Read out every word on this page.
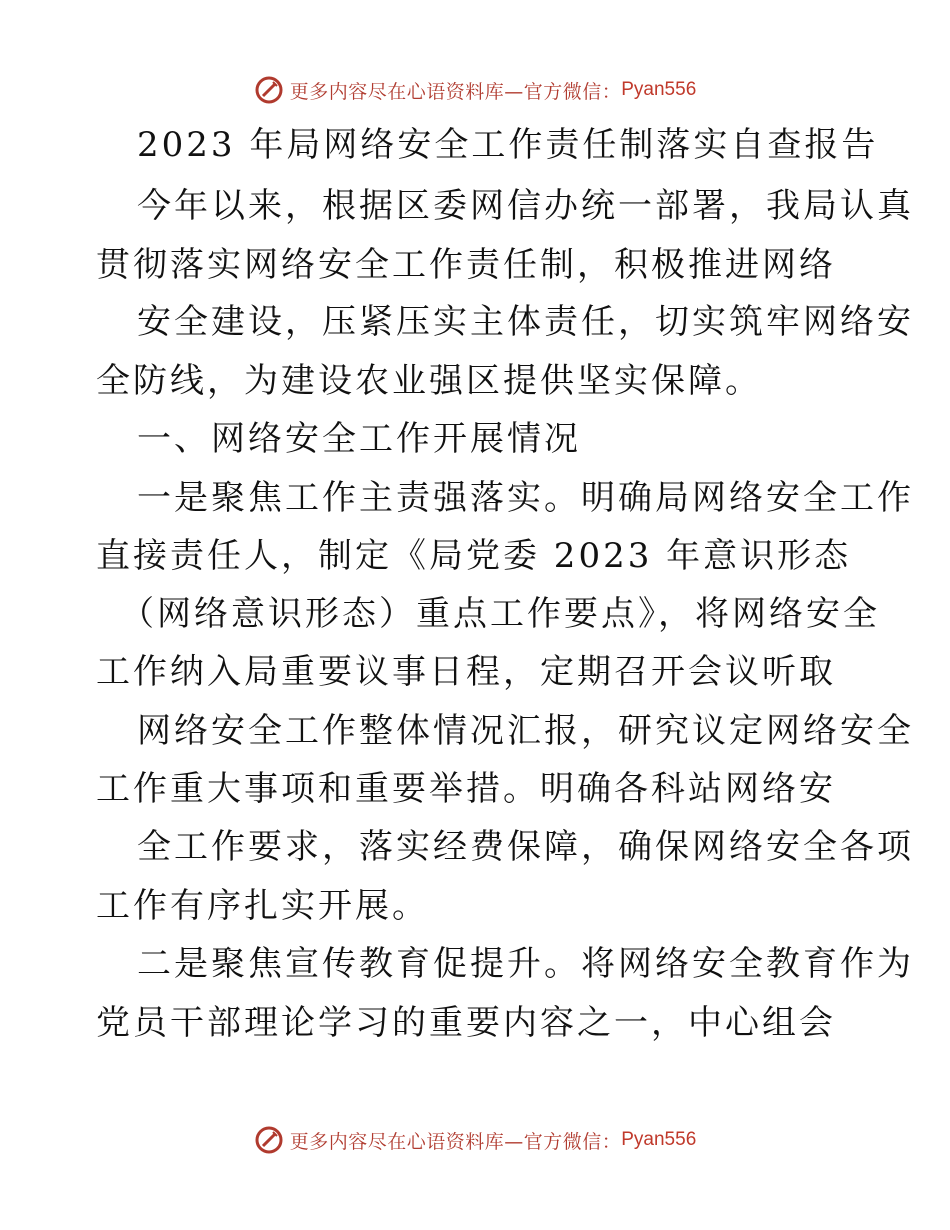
更多内容尽在心语资料库—官方微信： Pyan556
2023 年局网络安全工作责任制落实自查报告
今年以来，根据区委网信办统一部署，我局认真
贯彻落实网络安全工作责任制，积极推进网络
安全建设，压紧压实主体责任，切实筑牢网络安
全防线，为建设农业强区提供坚实保障。
一、网络安全工作开展情况
一是聚焦工作主责强落实。明确局网络安全工作
直接责任人，制定《局党委 2023 年意识形态
（网络意识形态）重点工作要点》，将网络安全
工作纳入局重要议事日程，定期召开会议听取
网络安全工作整体情况汇报，研究议定网络安全
工作重大事项和重要举措。明确各科站网络安
全工作要求，落实经费保障，确保网络安全各项
工作有序扎实开展。
二是聚焦宣传教育促提升。将网络安全教育作为
党员干部理论学习的重要内容之一，中心组会
更多内容尽在心语资料库—官方微信： Pyan556
